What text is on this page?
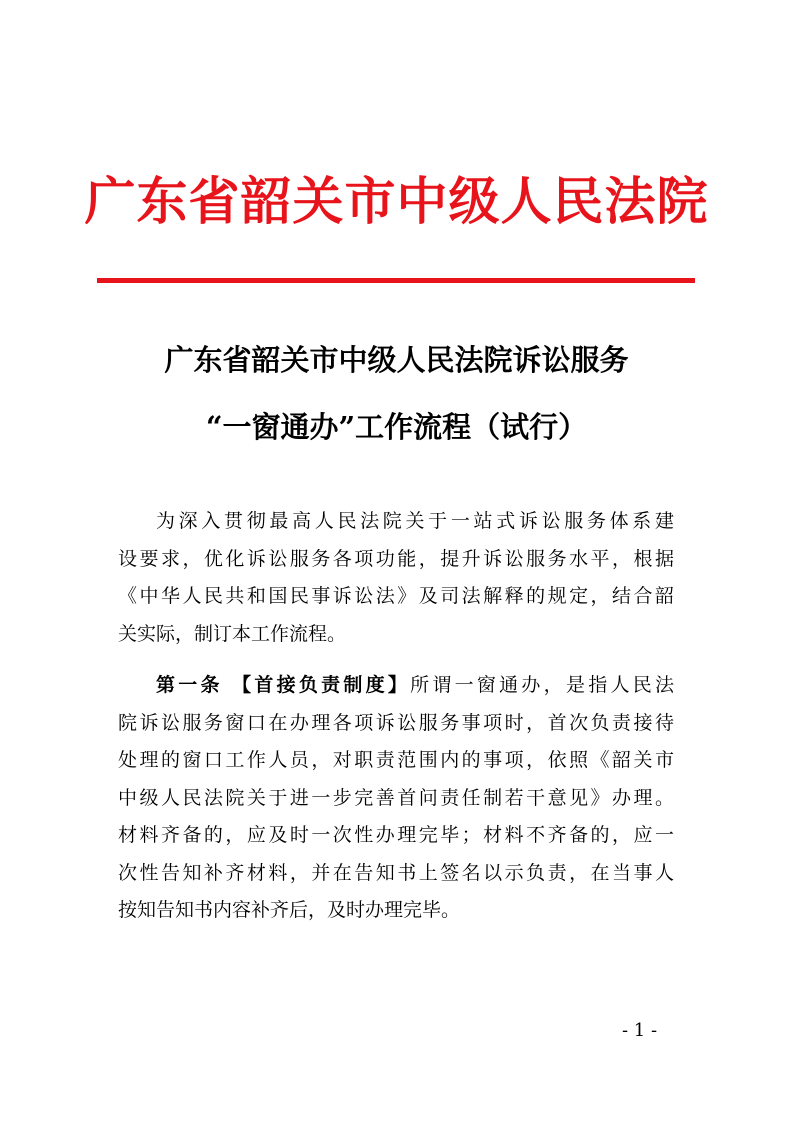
广东省韶关市中级人民法院
广东省韶关市中级人民法院诉讼服务
“一窗通办”工作流程（试行）
为深入贯彻最高人民法院关于一站式诉讼服务体系建
设要求，优化诉讼服务各项功能，提升诉讼服务水平，根据
《中华人民共和国民事诉讼法》及司法解释的规定，结合韶
关实际，制订本工作流程。
第一条 【首接负责制度】所谓一窗通办，是指人民法
院诉讼服务窗口在办理各项诉讼服务事项时，首次负责接待
处理的窗口工作人员，对职责范围内的事项，依照《韶关市
中级人民法院关于进一步完善首问责任制若干意见》办理。
材料齐备的，应及时一次性办理完毕；材料不齐备的，应一
次性告知补齐材料，并在告知书上签名以示负责，在当事人
按知告知书内容补齐后，及时办理完毕。
- 1 -
